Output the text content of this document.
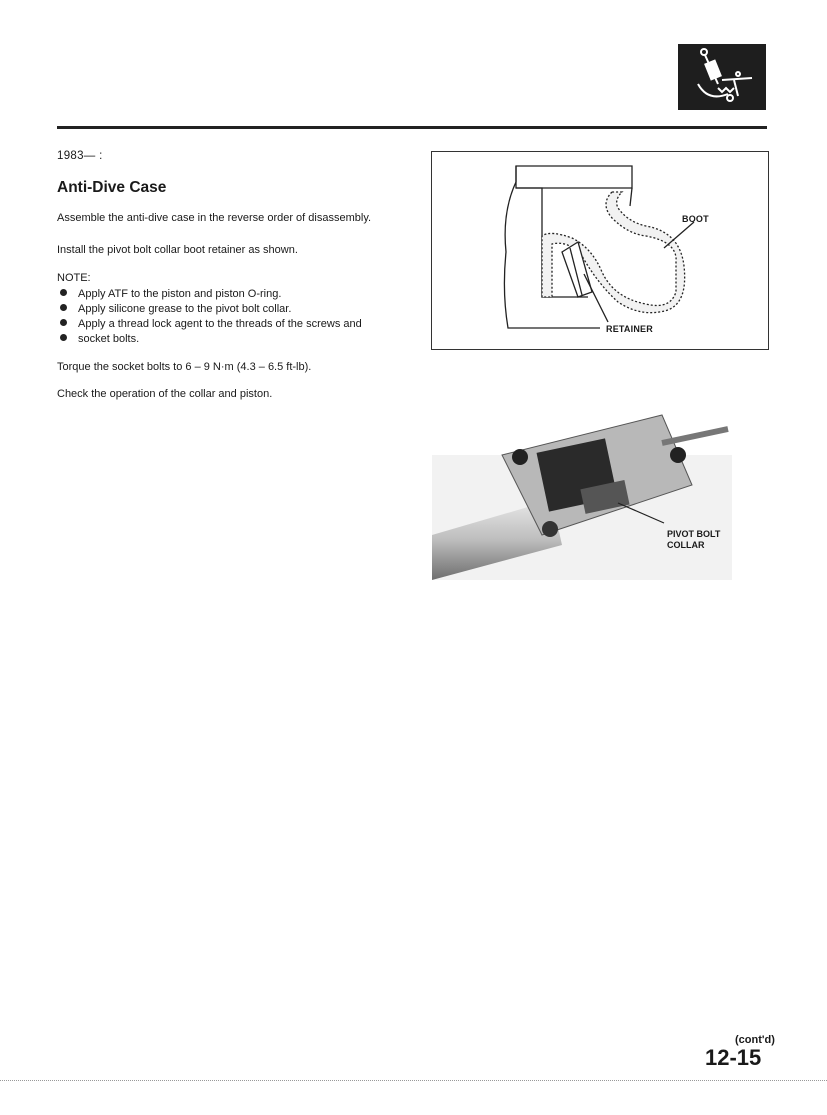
1983— :
Anti-Dive Case

Assemble the anti-dive case in the reverse order of disassembly.

Install the pivot bolt collar boot retainer as shown.

NOTE:
Apply ATF to the piston and piston O-ring.
Apply silicone grease to the pivot bolt collar.
Apply a thread lock agent to the threads of the screws and
socket bolts.

Torque the socket bolts to 6 – 9 N·m (4.3 – 6.5 ft-lb).

Check the operation of the collar and piston.

BOOT
RETAINER
PIVOT BOLT
COLLAR
(cont'd)
12-15
